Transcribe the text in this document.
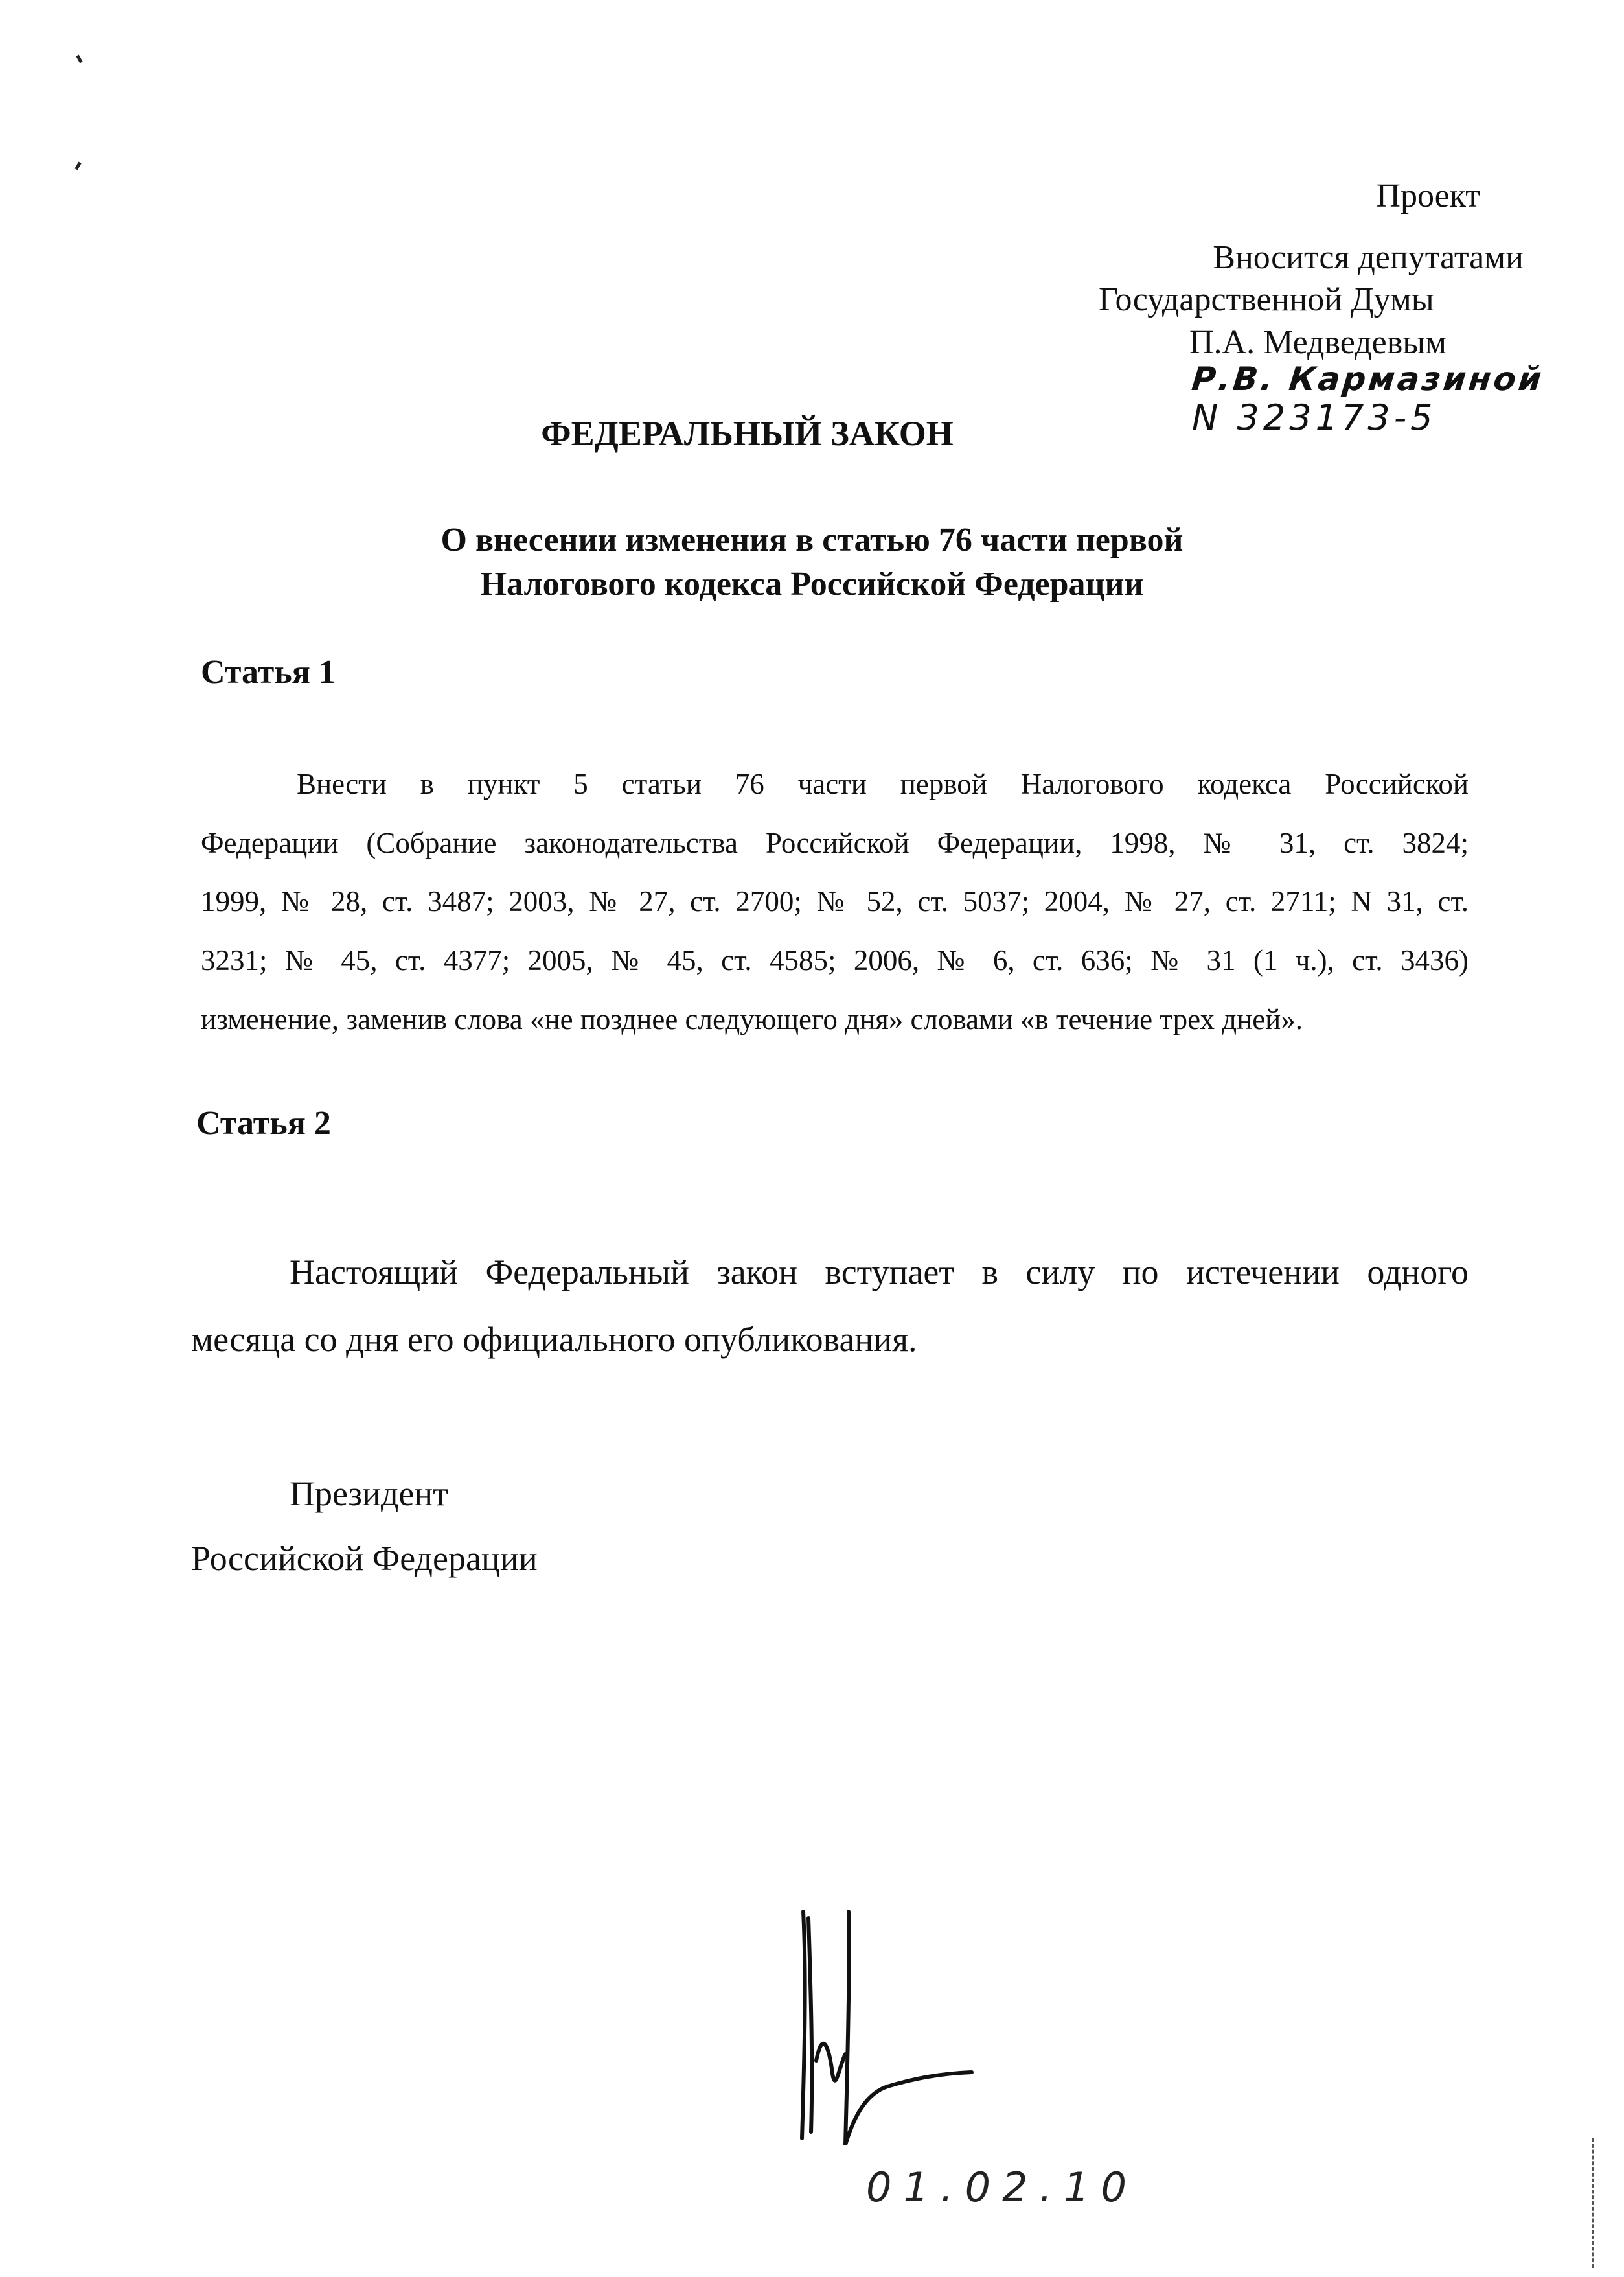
Проект
Вносится депутатами
Государственной Думы
П.А. Медведевым
Р.В. Кармазиной
N 323173-5
ФЕДЕРАЛЬНЫЙ ЗАКОН
О внесении изменения в статью 76 части первой
Налогового кодекса Российской Федерации
Статья 1
Внести в пункт 5 статьи 76 части первой Налогового кодекса Российской
Федерации (Собрание законодательства Российской Федерации, 1998, № 31, ст. 3824;
1999, № 28, ст. 3487; 2003, № 27, ст. 2700; № 52, ст. 5037; 2004, № 27, ст. 2711; N 31, ст.
3231; № 45, ст. 4377; 2005, № 45, ст. 4585; 2006, № 6, ст. 636; № 31 (1 ч.), ст. 3436)
изменение, заменив слова «не позднее следующего дня» словами «в течение трех дней».
Статья 2
Настоящий Федеральный закон вступает в силу по истечении одного
месяца со дня его официального опубликования.
Президент
Российской Федерации
01.02.10
